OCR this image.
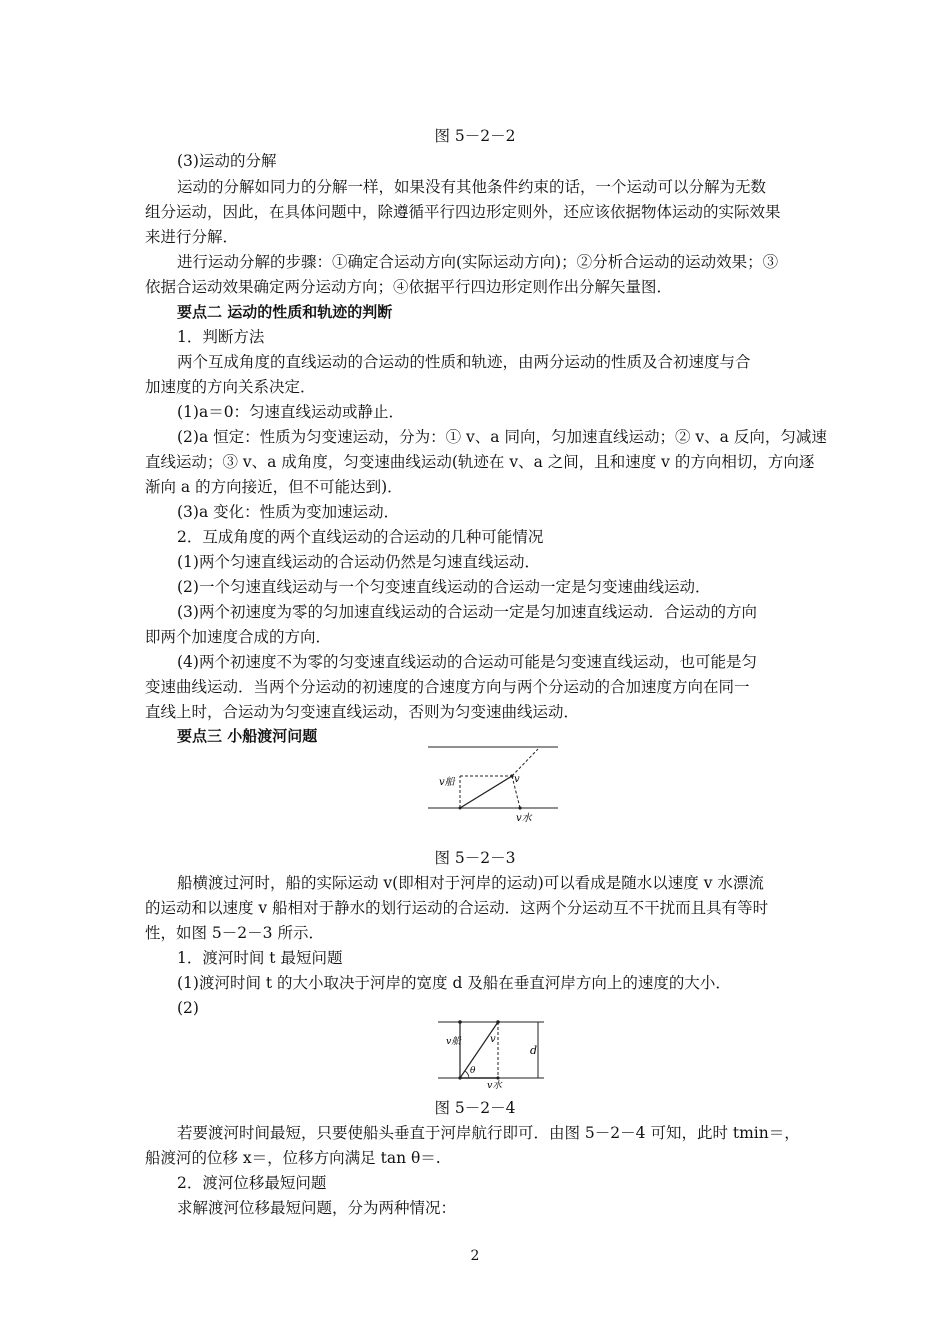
图 5－2－2
(3)运动的分解
运动的分解如同力的分解一样，如果没有其他条件约束的话，一个运动可以分解为无数
组分运动，因此，在具体问题中，除遵循平行四边形定则外，还应该依据物体运动的实际效果
来进行分解．
进行运动分解的步骤：①确定合运动方向(实际运动方向)；②分析合运动的运动效果；③
依据合运动效果确定两分运动方向；④依据平行四边形定则作出分解矢量图．
要点二 运动的性质和轨迹的判断
1．判断方法
两个互成角度的直线运动的合运动的性质和轨迹，由两分运动的性质及合初速度与合
加速度的方向关系决定．
(1)a＝0：匀速直线运动或静止．
(2)a 恒定：性质为匀变速运动，分为：① v、a 同向，匀加速直线运动；② v、a 反向，匀减速
直线运动；③ v、a 成角度，匀变速曲线运动(轨迹在 v、a 之间，且和速度 v 的方向相切，方向逐
渐向 a 的方向接近，但不可能达到)．
(3)a 变化：性质为变加速运动．
2．互成角度的两个直线运动的合运动的几种可能情况
(1)两个匀速直线运动的合运动仍然是匀速直线运动．
(2)一个匀速直线运动与一个匀变速直线运动的合运动一定是匀变速曲线运动．
(3)两个初速度为零的匀加速直线运动的合运动一定是匀加速直线运动．合运动的方向
即两个加速度合成的方向．
(4)两个初速度不为零的匀变速直线运动的合运动可能是匀变速直线运动，也可能是匀
变速曲线运动．当两个分运动的初速度的合速度方向与两个分运动的合加速度方向在同一
直线上时，合运动为匀变速直线运动，否则为匀变速曲线运动．
要点三 小船渡河问题
v船	v
v水
图 5－2－3
船横渡过河时，船的实际运动 v(即相对于河岸的运动)可以看成是随水以速度 v 水漂流
的运动和以速度 v 船相对于静水的划行运动的合运动．这两个分运动互不干扰而且具有等时
性，如图 5－2－3 所示．
1．渡河时间 t 最短问题
(1)渡河时间 t 的大小取决于河岸的宽度 d 及船在垂直河岸方向上的速度的大小．
(2)
v船	v
θ
v水
d
图 5－2－4
若要渡河时间最短，只要使船头垂直于河岸航行即可．由图 5－2－4 可知，此时 tmin＝，
船渡河的位移 x＝，位移方向满足 tan θ＝.
2．渡河位移最短问题
求解渡河位移最短问题，分为两种情况：
2
